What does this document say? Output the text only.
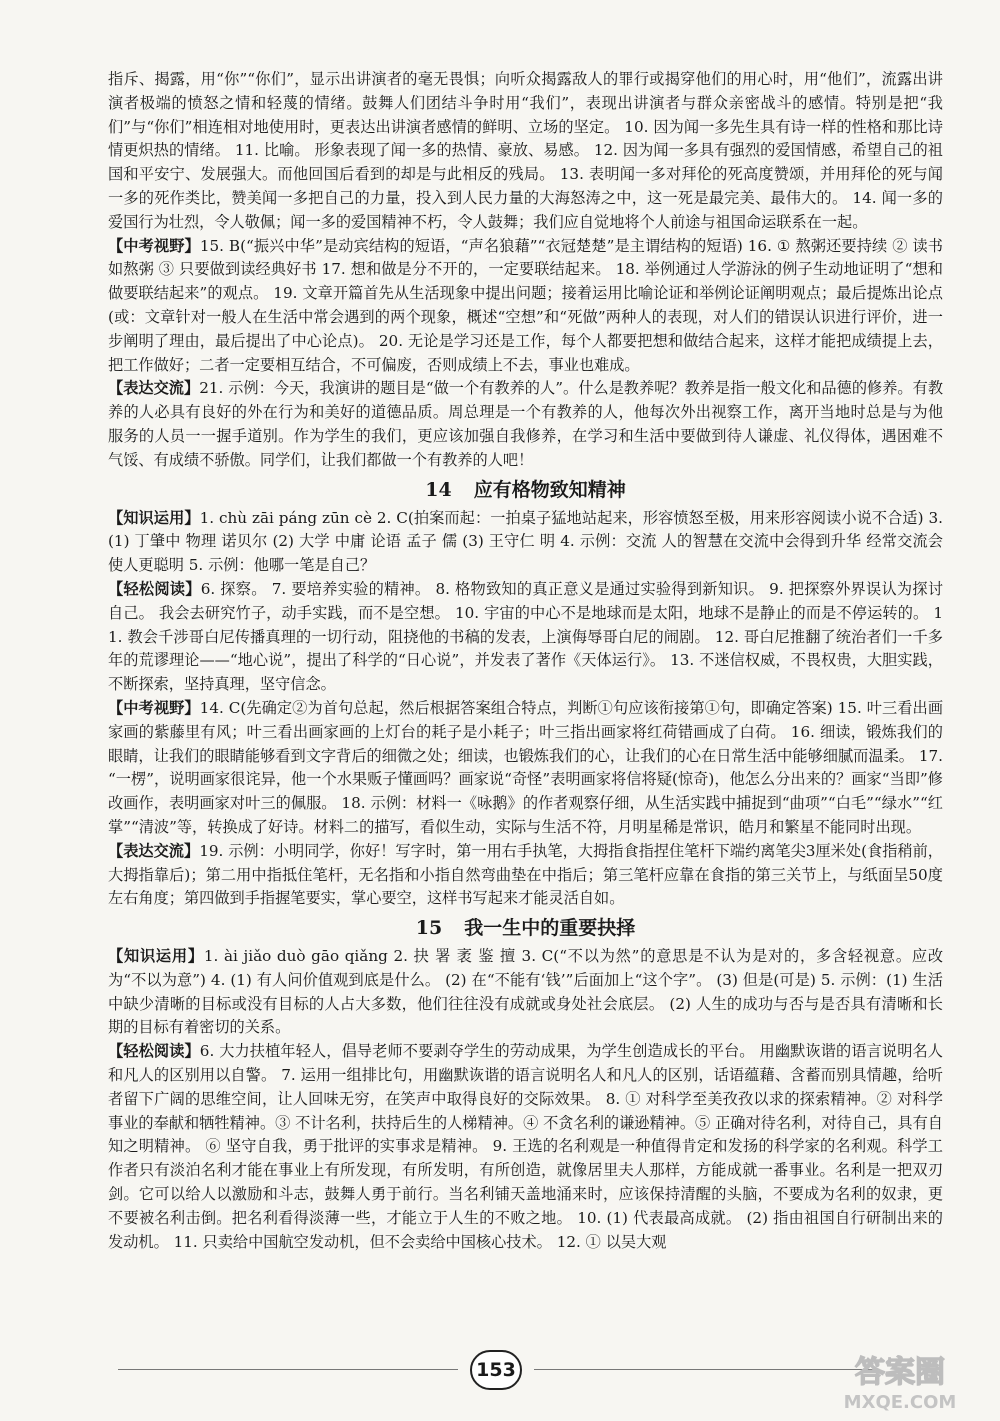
指斥、揭露，用“你”“你们”，显示出讲演者的毫无畏惧；向听众揭露敌人的罪行或揭穿他们的用心时，用“他们”，流露出讲演者极端的愤怒之情和轻蔑的情绪。鼓舞人们团结斗争时用“我们”，表现出讲演者与群众亲密战斗的感情。特别是把“我们”与“你们”相连相对地使用时，更表达出讲演者感情的鲜明、立场的坚定。 10. 因为闻一多先生具有诗一样的性格和那比诗情更炽热的情绪。 11. 比喻。 形象表现了闻一多的热情、豪放、易感。 12. 因为闻一多具有强烈的爱国情感，希望自己的祖国和平安宁、发展强大。而他回国后看到的却是与此相反的残局。 13. 表明闻一多对拜伦的死高度赞颂，并用拜伦的死与闻一多的死作类比，赞美闻一多把自己的力量，投入到人民力量的大海怒涛之中，这一死是最完美、最伟大的。 14. 闻一多的爱国行为壮烈，令人敬佩；闻一多的爱国精神不朽，令人鼓舞；我们应自觉地将个人前途与祖国命运联系在一起。

【中考视野】15. B(“振兴中华”是动宾结构的短语，“声名狼藉”“衣冠楚楚”是主谓结构的短语) 16. ① 熬粥还要持续 ② 读书如熬粥 ③ 只要做到读经典好书 17. 想和做是分不开的，一定要联结起来。 18. 举例通过人学游泳的例子生动地证明了“想和做要联结起来”的观点。 19. 文章开篇首先从生活现象中提出问题；接着运用比喻论证和举例论证阐明观点；最后提炼出论点(或：文章针对一般人在生活中常会遇到的两个现象，概述“空想”和“死做”两种人的表现，对人们的错误认识进行评价，进一步阐明了理由，最后提出了中心论点)。 20. 无论是学习还是工作，每个人都要把想和做结合起来，这样才能把成绩提上去，把工作做好；二者一定要相互结合，不可偏废，否则成绩上不去，事业也难成。

【表达交流】21. 示例：今天，我演讲的题目是“做一个有教养的人”。什么是教养呢？教养是指一般文化和品德的修养。有教养的人必具有良好的外在行为和美好的道德品质。周总理是一个有教养的人，他每次外出视察工作，离开当地时总是与为他服务的人员一一握手道别。作为学生的我们，更应该加强自我修养，在学习和生活中要做到待人谦虚、礼仪得体，遇困难不气馁、有成绩不骄傲。同学们，让我们都做一个有教养的人吧！

14 应有格物致知精神

【知识运用】1. chù zāi páng zūn cè 2. C(拍案而起：一拍桌子猛地站起来，形容愤怒至极，用来形容阅读小说不合适) 3. (1) 丁肇中 物理 诺贝尔 (2) 大学 中庸 论语 孟子 儒 (3) 王守仁 明 4. 示例：交流 人的智慧在交流中会得到升华 经常交流会使人更聪明 5. 示例：他哪一笔是自己？

【轻松阅读】6. 探察。 7. 要培养实验的精神。 8. 格物致知的真正意义是通过实验得到新知识。 9. 把探察外界误认为探讨自己。 我会去研究竹子，动手实践，而不是空想。 10. 宇宙的中心不是地球而是太阳，地球不是静止的而是不停运转的。 11. 教会千涉哥白尼传播真理的一切行动，阻挠他的书稿的发表，上演侮辱哥白尼的闹剧。 12. 哥白尼推翻了统治者们一千多年的荒谬理论——“地心说”，提出了科学的“日心说”，并发表了著作《天体运行》。 13. 不迷信权威，不畏权贵，大胆实践，不断探索，坚持真理，坚守信念。

【中考视野】14. C(先确定②为首句总起，然后根据答案组合特点，判断①句应该衔接第①句，即确定答案) 15. 叶三看出画家画的紫藤里有风；叶三看出画家画的上灯台的耗子是小耗子；叶三指出画家将红荷错画成了白荷。 16. 细读，锻炼我们的眼睛，让我们的眼睛能够看到文字背后的细微之处；细读，也锻炼我们的心，让我们的心在日常生活中能够细腻而温柔。 17. “一楞”，说明画家很诧异，他一个水果贩子懂画吗？画家说“奇怪”表明画家将信将疑(惊奇)，他怎么分出来的？画家“当即”修改画作，表明画家对叶三的佩服。 18. 示例：材料一《咏鹅》的作者观察仔细，从生活实践中捕捉到“曲项”“白毛”“绿水”“红掌”“清波”等，转换成了好诗。材料二的描写，看似生动，实际与生活不符，月明星稀是常识，皓月和繁星不能同时出现。

【表达交流】19. 示例：小明同学，你好！写字时，第一用右手执笔，大拇指食指捏住笔杆下端约离笔尖3厘米处(食指稍前，大拇指靠后)；第二用中指抵住笔杆，无名指和小指自然弯曲垫在中指后；第三笔杆应靠在食指的第三关节上，与纸面呈50度左右角度；第四做到手指握笔要实，掌心要空，这样书写起来才能灵活自如。

15 我一生中的重要抉择

【知识运用】1. ài jiǎo duò gāo qiǎng 2. 抉 署 袤 鉴 擅 3. C(“不以为然”的意思是不认为是对的，多含轻视意。应改为“不以为意”) 4. (1) 有人问价值观到底是什么。 (2) 在“不能有‘钱’”后面加上“这个字”。 (3) 但是(可是) 5. 示例：(1) 生活中缺少清晰的目标或没有目标的人占大多数，他们往往没有成就或身处社会底层。 (2) 人生的成功与否与是否具有清晰和长期的目标有着密切的关系。

【轻松阅读】6. 大力扶植年轻人，倡导老师不要剥夺学生的劳动成果，为学生创造成长的平台。 用幽默诙谐的语言说明名人和凡人的区别用以自警。 7. 运用一组排比句，用幽默诙谐的语言说明名人和凡人的区别，话语蕴藉、含蓄而别具情趣，给听者留下广阔的思维空间，让人回味无穷，在笑声中取得良好的交际效果。 8. ① 对科学至美孜孜以求的探索精神。② 对科学事业的奉献和牺牲精神。③ 不计名利，扶持后生的人梯精神。④ 不贪名利的谦逊精神。⑤ 正确对待名利，对待自己，具有自知之明精神。 ⑥ 坚守自我，勇于批评的实事求是精神。 9. 王选的名利观是一种值得肯定和发扬的科学家的名利观。科学工作者只有淡泊名利才能在事业上有所发现，有所发明，有所创造，就像居里夫人那样，方能成就一番事业。名利是一把双刃剑。它可以给人以激励和斗志，鼓舞人勇于前行。当名利铺天盖地涌来时，应该保持清醒的头脑，不要成为名利的奴隶，更不要被名利击倒。把名利看得淡薄一些，才能立于人生的不败之地。 10. (1) 代表最高成就。 (2) 指由祖国自行研制出来的发动机。 11. 只卖给中国航空发动机，但不会卖给中国核心技术。 12. ① 以吴大观

153	答案圈
MXQE.COM
